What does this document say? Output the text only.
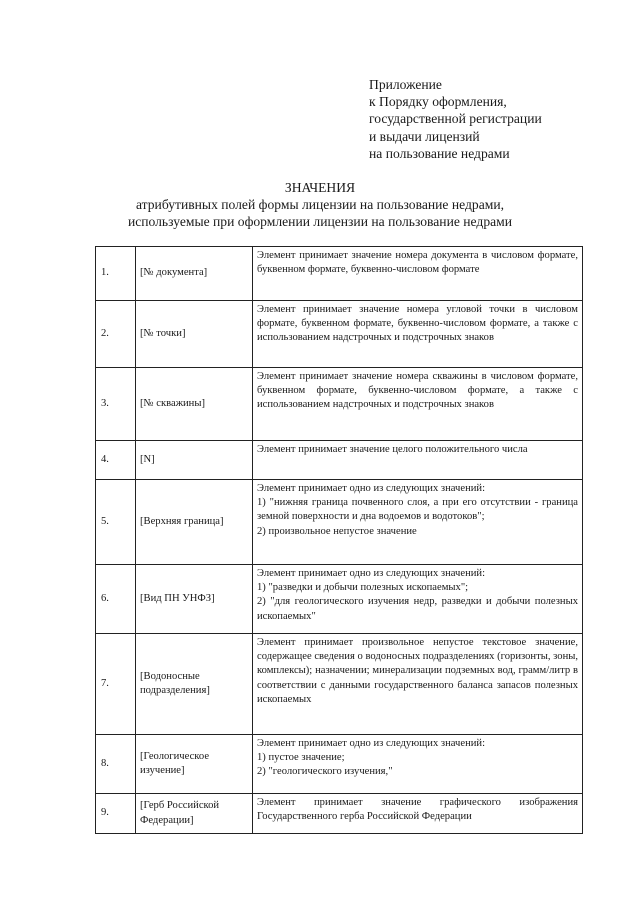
Приложение
к Порядку оформления,
государственной регистрации
и выдачи лицензий
на пользование недрами
ЗНАЧЕНИЯ
атрибутивных полей формы лицензии на пользование недрами,
используемые при оформлении лицензии на пользование недрами
1.	[№ документа]	Элемент принимает значение номера документа в числовом формате, буквенном формате, буквенно-числовом формате
2.	[№ точки]	Элемент принимает значение номера угловой точки в числовом формате, буквенном формате, буквенно-числовом формате, а также с использованием надстрочных и подстрочных знаков
3.	[№ скважины]	Элемент принимает значение номера скважины в числовом формате, буквенном формате, буквенно-числовом формате, а также с использованием надстрочных и подстрочных знаков
4.	[N]	Элемент принимает значение целого положительного числа
5.	[Верхняя граница]	Элемент принимает одно из следующих значений:
1) "нижняя граница почвенного слоя, а при его отсутствии - граница земной поверхности и дна водоемов и водотоков";
2) произвольное непустое значение
6.	[Вид ПН УНФЗ]	Элемент принимает одно из следующих значений:
1) "разведки и добычи полезных ископаемых";
2) "для геологического изучения недр, разведки и добычи полезных ископаемых"
7.	[Водоносные подразделения]	Элемент принимает произвольное непустое текстовое значение, содержащее сведения о водоносных подразделениях (горизонты, зоны, комплексы); назначении; минерализации подземных вод, грамм/литр в соответствии с данными государственного баланса запасов полезных ископаемых
8.	[Геологическое изучение]	Элемент принимает одно из следующих значений:
1) пустое значение;
2) "геологического изучения,"
9.	[Герб Российской Федерации]	Элемент принимает значение графического изображения Государственного герба Российской Федерации
